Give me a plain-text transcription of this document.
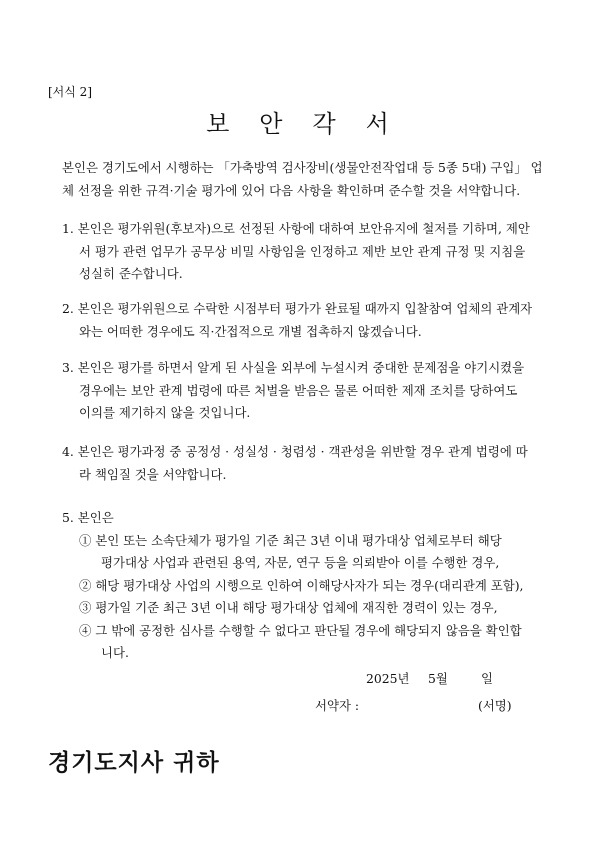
[서식 2]
보안각서
본인은 경기도에서 시행하는 「가축방역 검사장비(생물안전작업대 등 5종 5대) 구입」 업
체 선정을 위한 규격·기술 평가에 있어 다음 사항을 확인하며 준수할 것을 서약합니다.
1. 본인은 평가위원(후보자)으로 선정된 사항에 대하여 보안유지에 철저를 기하며, 제안
서 평가 관련 업무가 공무상 비밀 사항임을 인정하고 제반 보안 관계 규정 및 지침을
성실히 준수합니다.
2. 본인은 평가위원으로 수락한 시점부터 평가가 완료될 때까지 입찰참여 업체의 관계자
와는 어떠한 경우에도 직·간접적으로 개별 접촉하지 않겠습니다.
3. 본인은 평가를 하면서 알게 된 사실을 외부에 누설시켜 중대한 문제점을 야기시켰을
경우에는 보안 관계 법령에 따른 처벌을 받음은 물론 어떠한 제재 조치를 당하여도
이의를 제기하지 않을 것입니다.
4. 본인은 평가과정 중 공정성 · 성실성 · 청렴성 · 객관성을 위반할 경우 관계 법령에 따
라 책임질 것을 서약합니다.
5. 본인은
① 본인 또는 소속단체가 평가일 기준 최근 3년 이내 평가대상 업체로부터 해당
평가대상 사업과 관련된 용역, 자문, 연구 등을 의뢰받아 이를 수행한 경우,
② 해당 평가대상 사업의 시행으로 인하여 이해당사자가 되는 경우(대리관계 포함),
③ 평가일 기준 최근 3년 이내 해당 평가대상 업체에 재직한 경력이 있는 경우,
④ 그 밖에 공정한 심사를 수행할 수 없다고 판단될 경우에 해당되지 않음을 확인합
니다.
2025년 5월	일
서약자 :	(서명)
경기도지사 귀하
